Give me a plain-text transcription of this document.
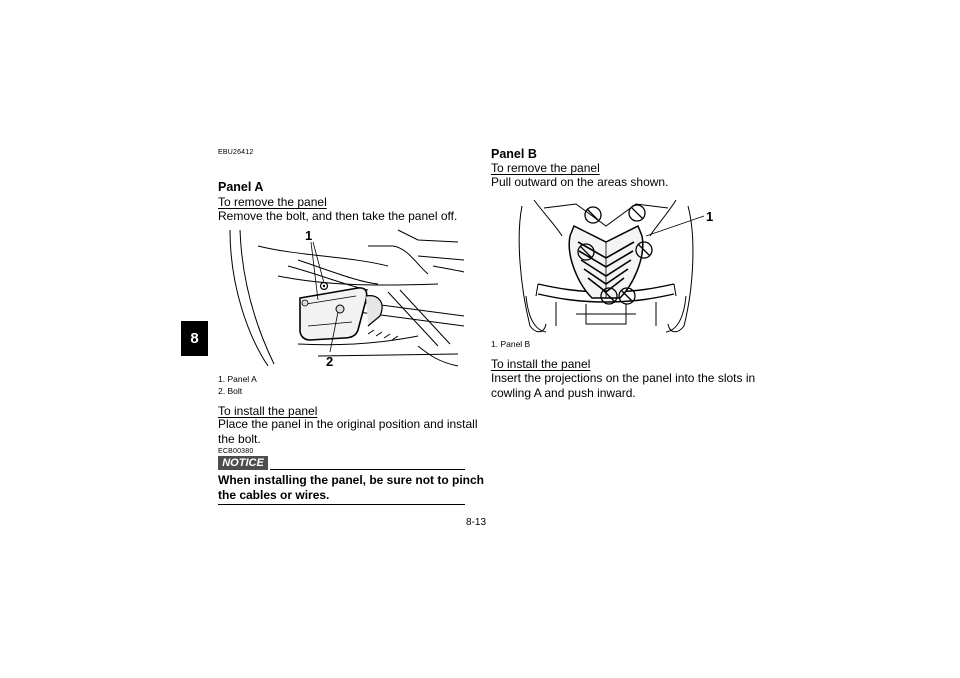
8
EBU26412
Panel A
To remove the panel
Remove the bolt, and then take the panel off.
1
2
1. Panel A
2. Bolt
To install the panel
Place the panel in the original position and install
the bolt.
ECB00380
NOTICE
When installing the panel, be sure not to pinch
the cables or wires.
Panel B
To remove the panel
Pull outward on the areas shown.
1
1. Panel B
To install the panel
Insert the projections on the panel into the slots in
cowling A and push inward.
8-13
